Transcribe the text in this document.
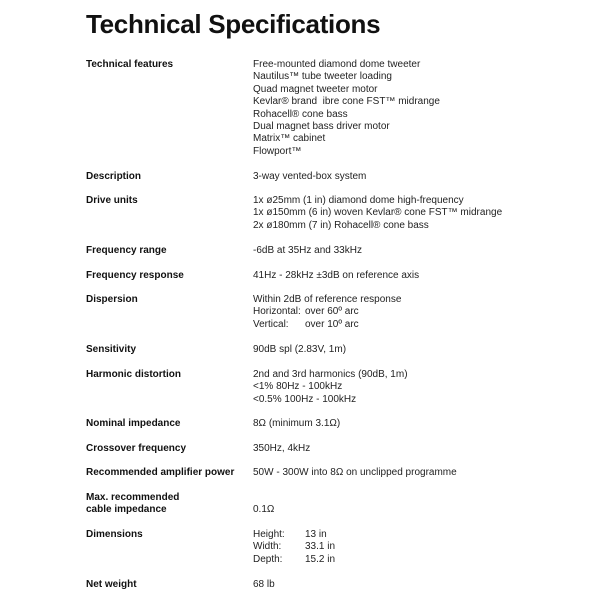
Technical Specifications
Technical features	Free-mounted diamond dome tweeter
Nautilus™ tube tweeter loading
Quad magnet tweeter motor
Kevlar® brand  ibre cone FST™ midrange
Rohacell® cone bass
Dual magnet bass driver motor
Matrix™ cabinet
Flowport™
Description	3-way vented-box system
Drive units	1x ø25mm (1 in) diamond dome high-frequency
1x ø150mm (6 in) woven Kevlar® cone FST™ midrange
2x ø180mm (7 in) Rohacell® cone bass
Frequency range	-6dB at 35Hz and 33kHz
Frequency response	41Hz - 28kHz ±3dB on reference axis
Dispersion	Within 2dB of reference response
Horizontal: over 60º arc
Vertical:	over 10º arc
Sensitivity	90dB spl (2.83V, 1m)
Harmonic distortion	2nd and 3rd harmonics (90dB, 1m)
<1% 80Hz - 100kHz
<0.5% 100Hz - 100kHz
Nominal impedance	8Ω (minimum 3.1Ω)
Crossover frequency	350Hz, 4kHz
Recommended amplifier power	50W - 300W into 8Ω on unclipped programme
Max. recommended
cable impedance	0.1Ω
Dimensions	Height:	13 in
Width:	33.1 in
Depth:	15.2 in
Net weight	68 lb
